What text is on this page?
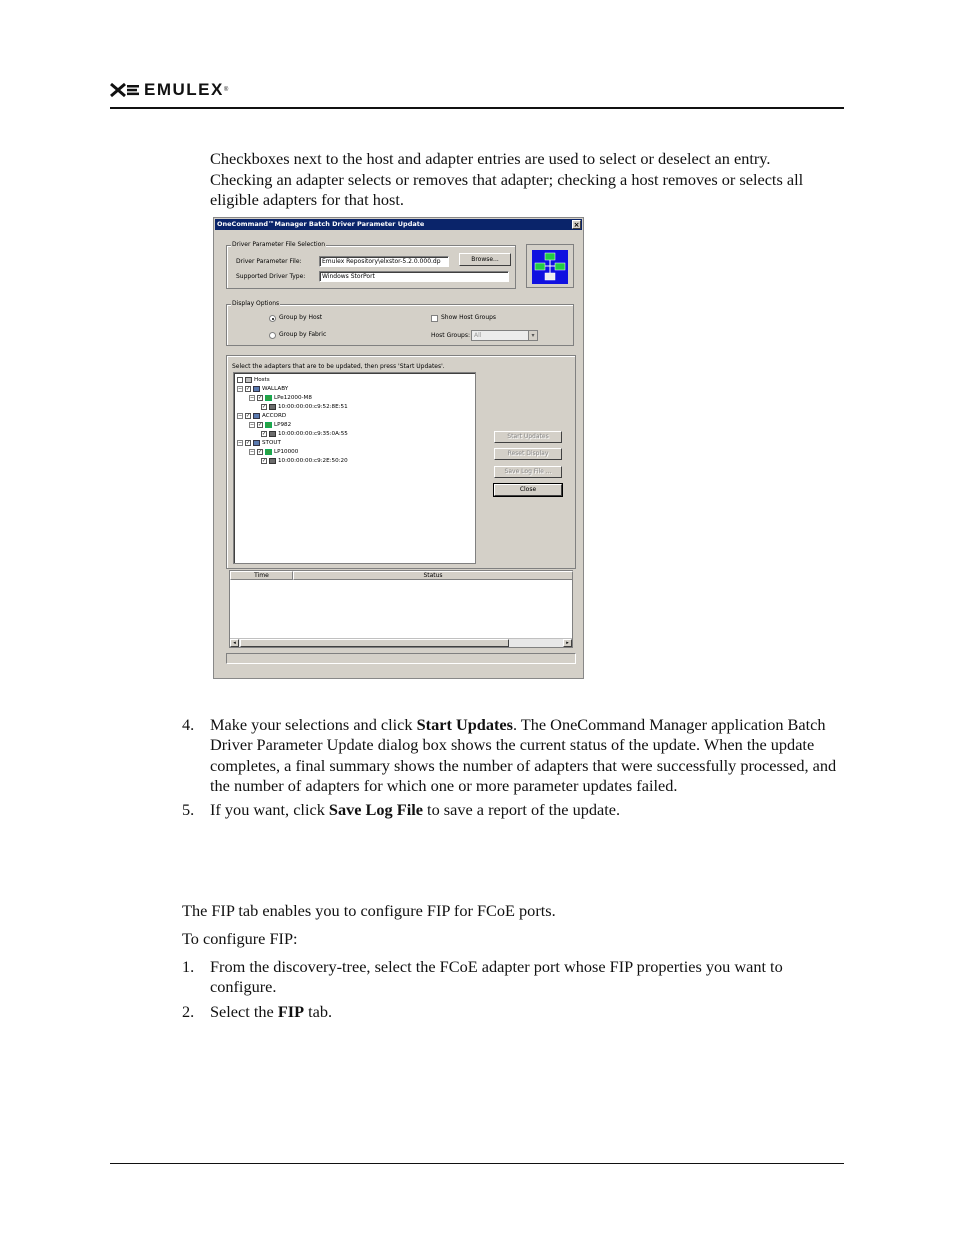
EMULEX ®

Checkboxes next to the host and adapter entries are used to select or deselect an entry. Checking an adapter selects or removes that adapter; checking a host removes or selects all eligible adapters for that host.

OneCommand™Manager Batch Driver Parameter Update	×
Driver Parameter File Selection
Driver Parameter File:	Emulex Repository\elxstor-5.2.0.000.dp	Browse...
Supported Driver Type:	Windows StorPort
Display Options
Group by Host
Group by Fabric
Show Host Groups
Host Groups: All	▾
Select the adapters that are to be updated, then press 'Start Updates'.
Hosts
− ✓ WALLABY
− ✓ LPe12000-M8
✓ 10:00:00:00:c9:52:8E:51
− ✓ ACCORD
− ✓ LP982
✓ 10:00:00:00:c9:35:0A:55
− ✓ STOUT
− ✓ LP10000
✓ 10:00:00:00:c9:2E:50:20
Start Updates
Reset Display
Save Log File ...
Close
Time	Status
◂	▸
4. Make your selections and click Start Updates. The OneCommand Manager application Batch Driver Parameter Update dialog box shows the current status of the update. When the update completes, a final summary shows the number of adapters that were successfully processed, and the number of adapters for which one or more parameter updates failed.
5. If you want, click Save Log File to save a report of the update.

The FIP tab enables you to configure FIP for FCoE ports.

To configure FIP:

1. From the discovery-tree, select the FCoE adapter port whose FIP properties you want to configure.
2. Select the FIP tab.
